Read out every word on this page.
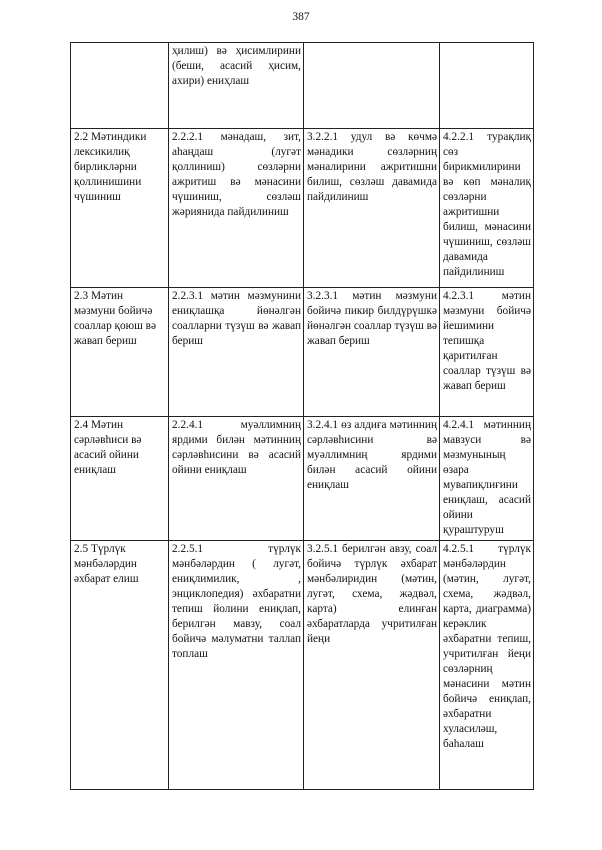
387
	ҳилиш) вә ҳисимлирини (беши, асасий ҳисим, ахири) ениҳлаш		
2.2 Мәтиндики лексикилиқ бирликләрни қоллинишини чүшиниш	2.2.2.1 мәнадаш, зит, аһаңдаш (лугәт қоллиниш) сөзләрни ажритиш вә мәнасини чүшиниш, сөзләш жәриянида пайдилиниш	3.2.2.1 удул вә көчмә мәнадики сөзләрниң мәналирини ажритишни билиш, сөзләш давамида пайдилиниш	4.2.2.1 турақлиқ сөз бирикмилирини вә көп мәналиқ сөзләрни ажритишни билиш, мәнасини чүшиниш, сөзләш давамида пайдилиниш
2.3 Мәтин мәзмуни бойичә соаллар қоюш вә жавап бериш	2.2.3.1 мәтин мәзмунини ениқлашқа йөнәлгән соалларни түзүш вә жавап бериш	3.2.3.1 мәтин мәзмуни бойичә пикир билдүрүшкә йөнәлгән соаллар түзүш вә жавап бериш	4.2.3.1 мәтин мәзмуни бойичә йешимини тепишқа қаритилған соаллар түзүш вә жавап бериш
2.4 Мәтин сәрләвһиси вә асасий ойини ениқлаш	2.2.4.1 муәллимниң ярдими билән мәтинниң сәрләвһисини вә асасий ойини ениқлаш	3.2.4.1 өз алдиға мәтинниң сәрләвһисини вә муәллимниң ярдими билән асасий ойини ениқлаш	4.2.4.1 мәтинниң мавзуси вә мәзмунының өзара мувапиқлиғини ениқлаш, асасий ойини қураштуруш
2.5 Түрлүк мәнбәләрдин әхбарат елиш	2.2.5.1 түрлүк мәнбәләрдин ( лугәт, ениқлимилик, , энциклопедия) әхбаратни тепиш йолини ениқлап, берилгән мавзу, соал бойичә мәлуматни таллап топлаш	3.2.5.1 берилгән авзу, соал бойичә түрлүк әхбарат мәнбәлиридин (мәтин, лугәт, схема, жәдвәл, карта) елинған әхбаратларда учритилған йеңи	4.2.5.1 түрлүк мәнбәләрдин (мәтин, лугәт, схема, жәдвәл, карта, диаграмма) керәклик әхбаратни тепиш, учритилған йеңи сөзләрниң мәнасини мәтин бойичә ениқлап, әхбаратни хуласиләш, баһалаш
